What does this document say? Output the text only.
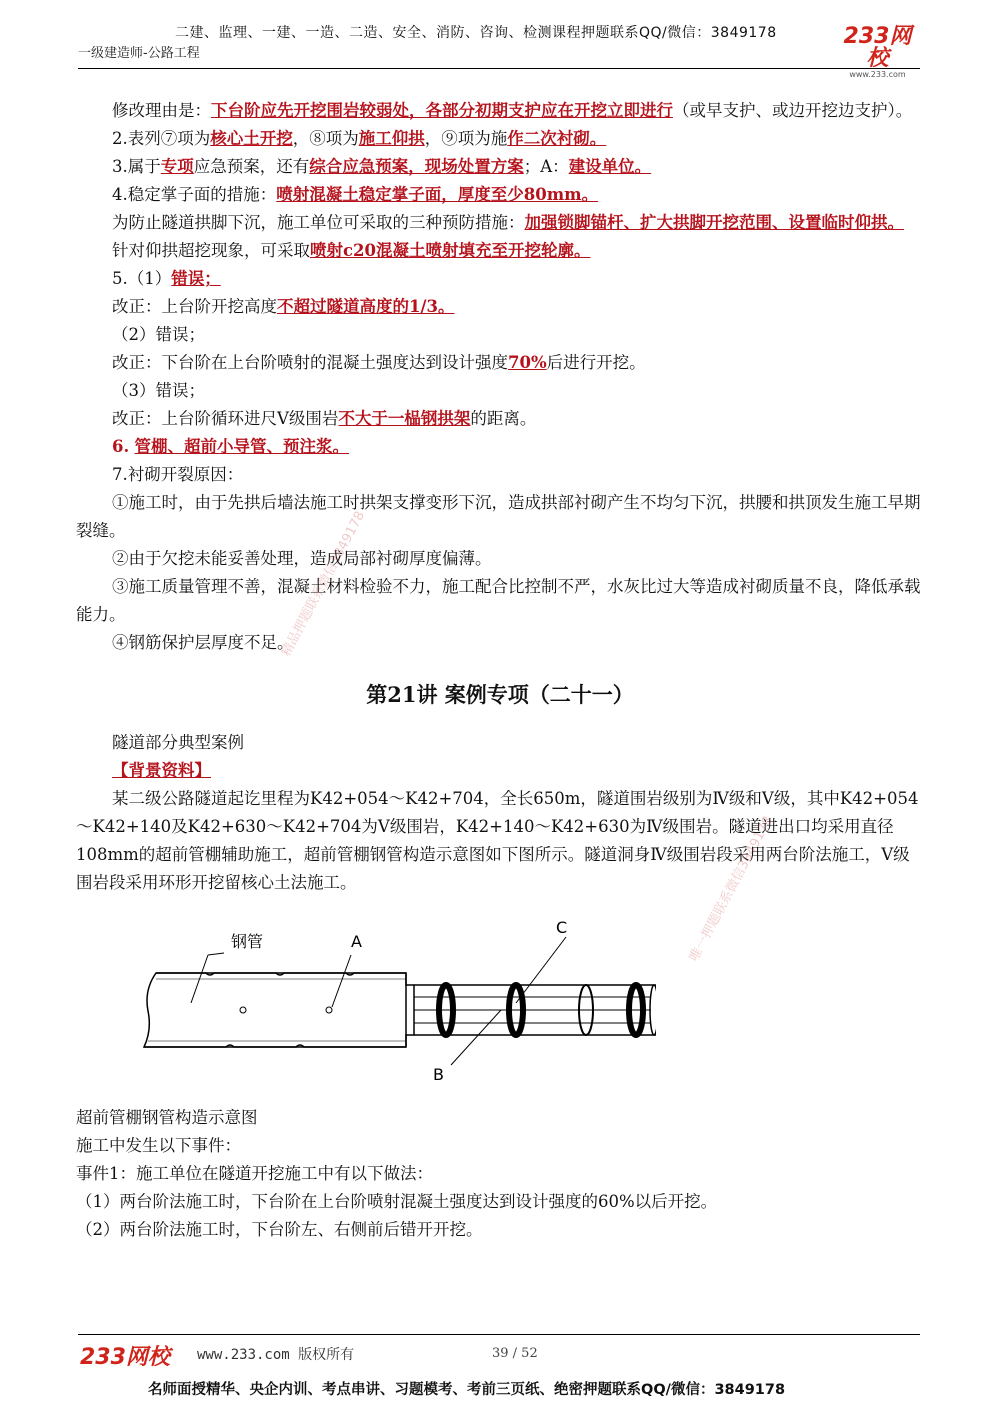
二建、监理、一建、一造、二造、安全、消防、咨询、检测课程押题联系QQ/微信：3849178
一级建造师-公路工程
233网校
www.233.com

修改理由是：下台阶应先开挖围岩较弱处，各部分初期支护应在开挖立即进行（或早支护、或边开挖边支护）。

2.表列⑦项为核心土开挖，⑧项为施工仰拱，⑨项为施作二次衬砌。

3.属于专项应急预案，还有综合应急预案，现场处置方案；A：建设单位。

4.稳定掌子面的措施：喷射混凝土稳定掌子面，厚度至少80mm。

为防止隧道拱脚下沉，施工单位可采取的三种预防措施：加强锁脚锚杆、扩大拱脚开挖范围、设置临时仰拱。

针对仰拱超挖现象，可采取喷射c20混凝土喷射填充至开挖轮廓。

5.（1）错误；

改正：上台阶开挖高度不超过隧道高度的1/3。

（2）错误；

改正：下台阶在上台阶喷射的混凝土强度达到设计强度70%后进行开挖。

（3）错误；

改正：上台阶循环进尺Ⅴ级围岩不大于一榀钢拱架的距离。

6. 管棚、超前小导管、预注浆。

7.衬砌开裂原因：

①施工时，由于先拱后墙法施工时拱架支撑变形下沉，造成拱部衬砌产生不均匀下沉，拱腰和拱顶发生施工早期裂缝。

②由于欠挖未能妥善处理，造成局部衬砌厚度偏薄。

③施工质量管理不善，混凝土材料检验不力，施工配合比控制不严，水灰比过大等造成衬砌质量不良，降低承载能力。

④钢筋保护层厚度不足。

第21讲 案例专项（二十一）

隧道部分典型案例

【背景资料】

某二级公路隧道起讫里程为K42+054～K42+704，全长650m，隧道围岩级别为Ⅳ级和Ⅴ级，其中K42+054～K42+140及K42+630～K42+704为Ⅴ级围岩，K42+140～K42+630为Ⅳ级围岩。隧道进出口均采用直径108mm的超前管棚辅助施工，超前管棚钢管构造示意图如下图所示。隧道洞身Ⅳ级围岩段采用两台阶法施工，Ⅴ级围岩段采用环形开挖留核心土法施工。

钢管	A
C
B

超前管棚钢管构造示意图

施工中发生以下事件：

事件1：施工单位在隧道开挖施工中有以下做法：

（1）两台阶法施工时，下台阶在上台阶喷射混凝土强度达到设计强度的60%以后开挖。

（2）两台阶法施工时，下台阶左、右侧前后错开开挖。

精品押题联系微信3849178
唯一押题联系微信3849178
233网校 www.233.com 版权所有	39 / 52
名师面授精华、央企内训、考点串讲、习题模考、考前三页纸、绝密押题联系QQ/微信：3849178
